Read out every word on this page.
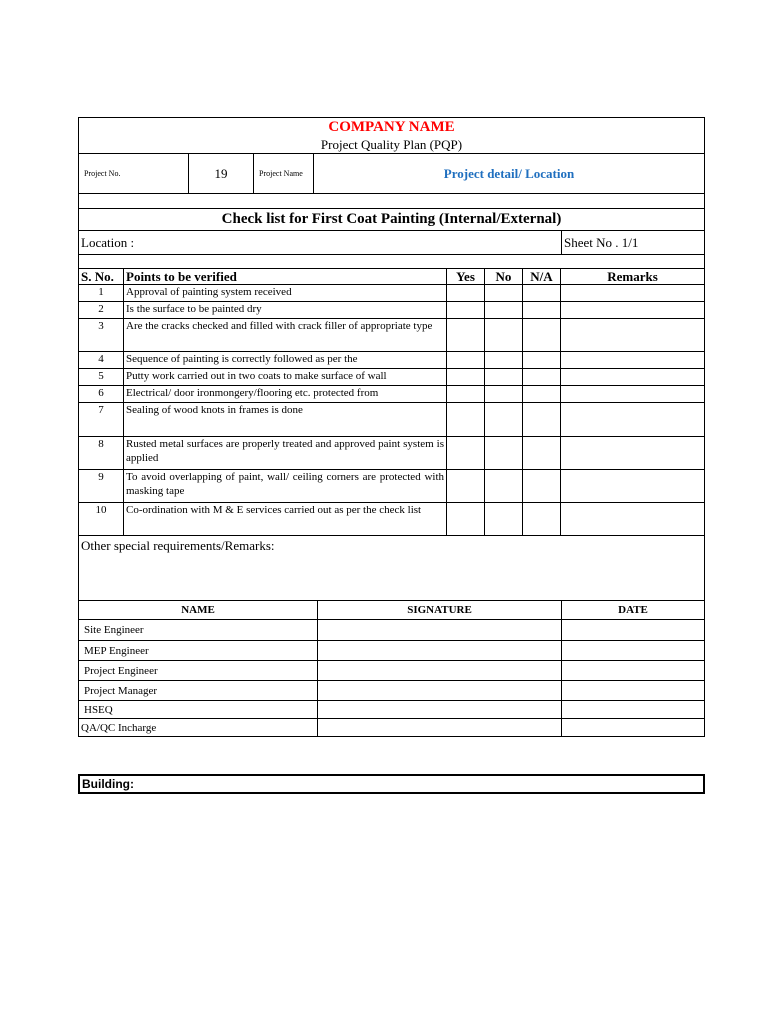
COMPANY NAME
Project Quality Plan (PQP)
Project No.	19	Project Name	Project detail/ Location
Check list for First Coat Painting (Internal/External)
Location :	Sheet No . 1/1
S. No. Points to be verified	Yes	No	N/A	Remarks
1	Approval of painting system received
2	Is the surface to be painted dry
3	Are the cracks checked and filled with crack filler of appropriate type
4	Sequence of painting is correctly followed as per the
5	Putty work carried out in two coats to make surface of wall
6	Electrical/ door ironmongery/flooring etc. protected from
7	Sealing of wood knots in frames is done
8	Rusted metal surfaces are properly treated and approved paint system is applied
9	To avoid overlapping of paint, wall/ ceiling corners are protected with masking tape
10	Co-ordination with M & E services carried out as per the check list
Other special requirements/Remarks:
NAME	SIGNATURE	DATE
Site Engineer
MEP Engineer
Project Engineer
Project Manager
HSEQ
QA/QC Incharge
Building:
